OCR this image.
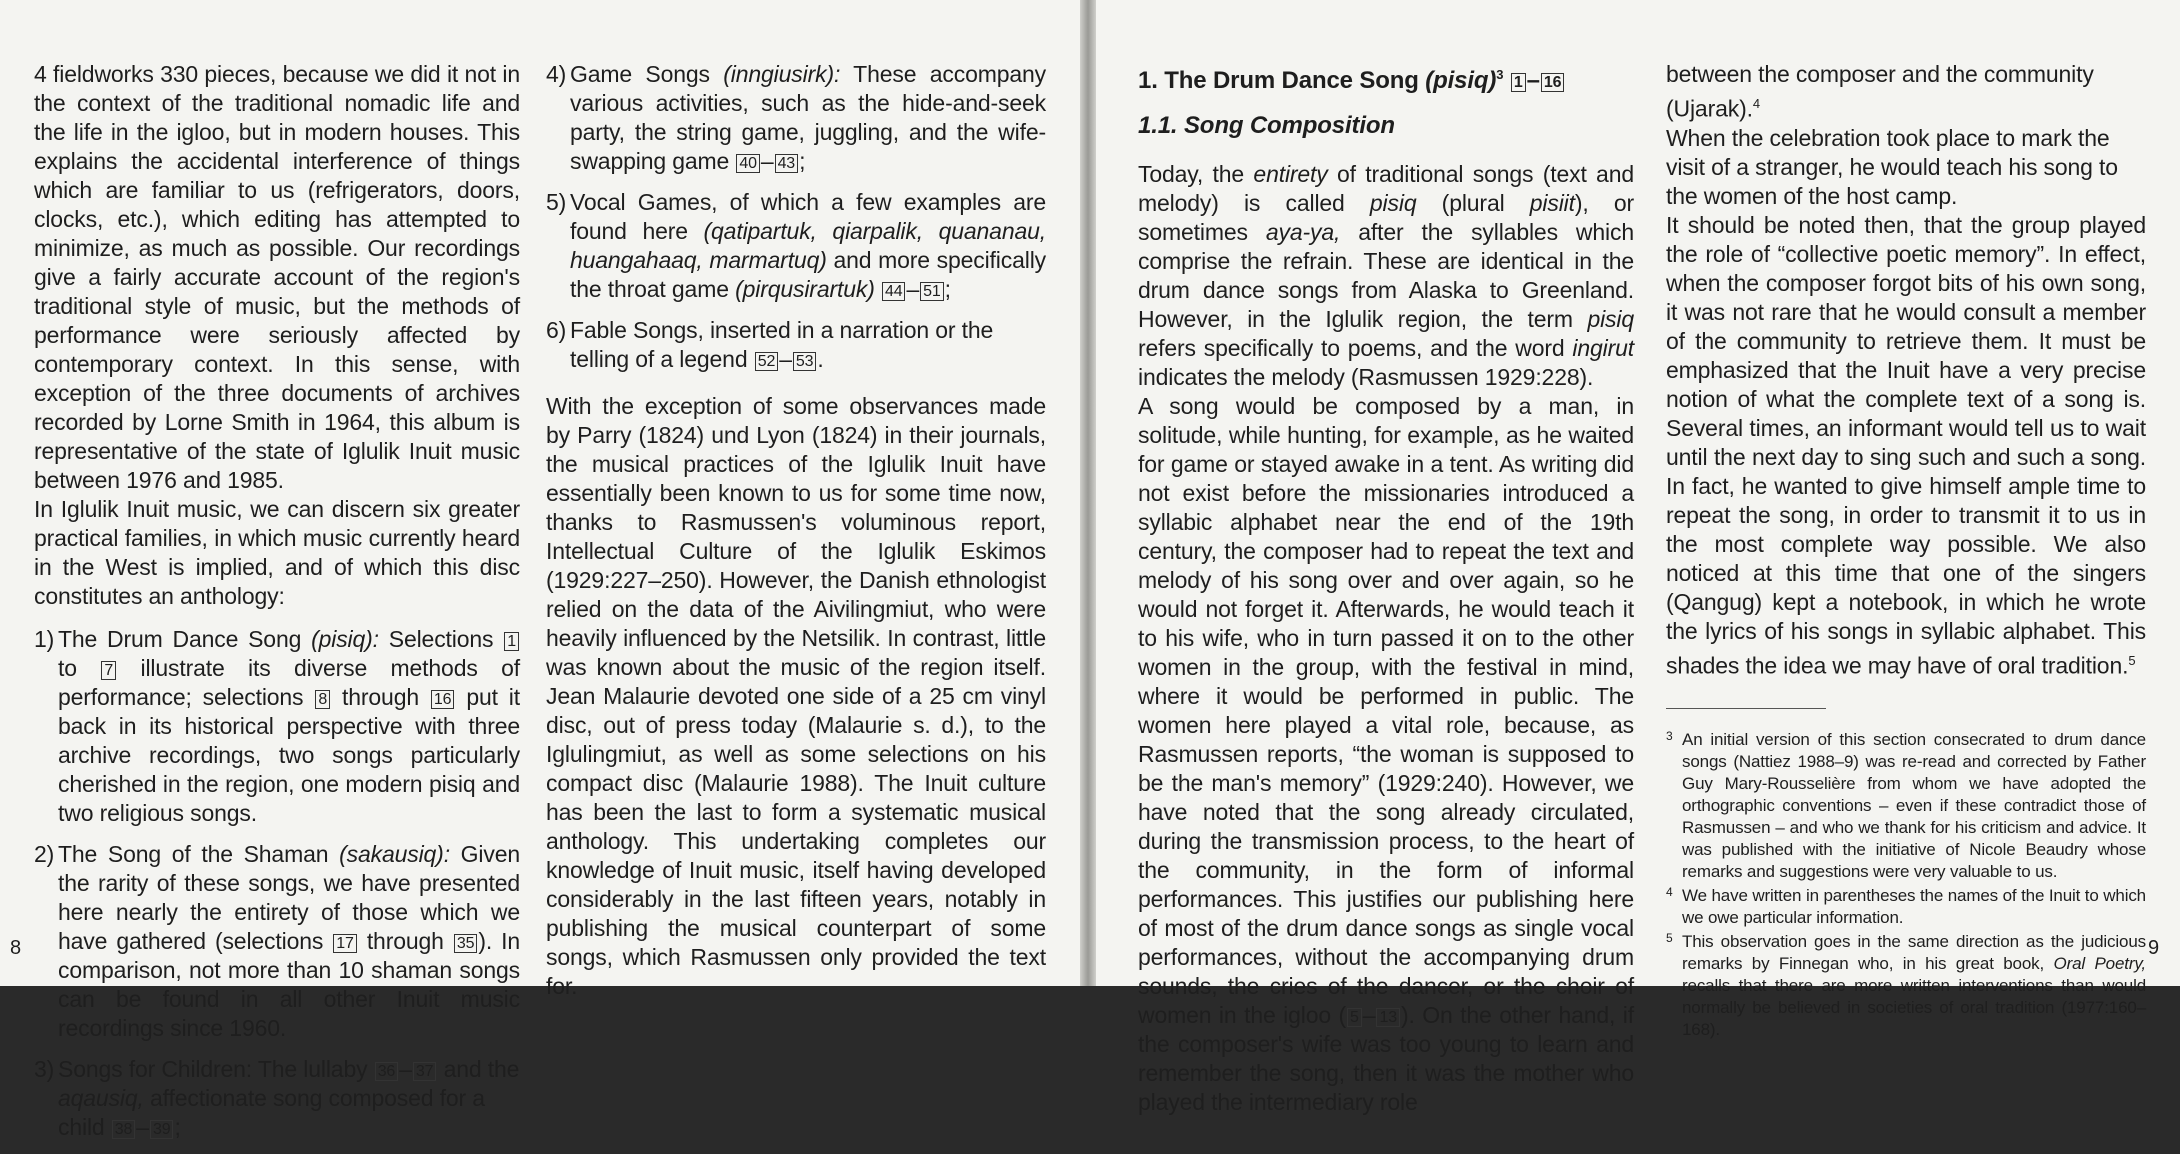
4 fieldworks 330 pieces, because we did it not in the context of the traditional nomadic life and the life in the igloo, but in modern houses. This explains the accidental interference of things which are familiar to us (refrigerators, doors, clocks, etc.), which editing has attempted to minimize, as much as possible. Our recordings give a fairly accurate account of the region's traditional style of music, but the methods of performance were seriously affected by contemporary context. In this sense, with exception of the three documents of archives recorded by Lorne Smith in 1964, this album is representative of the state of Iglulik Inuit music between 1976 and 1985.

In Iglulik Inuit music, we can discern six greater practical families, in which music currently heard in the West is implied, and of which this disc constitutes an anthology:

1) The Drum Dance Song (pisiq): Selections 1 to 7 illustrate its diverse methods of performance; selections 8 through 16 put it back in its historical perspective with three archive recordings, two songs particularly cherished in the region, one modern pisiq and two religious songs.
2) The Song of the Shaman (sakausiq): Given the rarity of these songs, we have presented here nearly the entirety of those which we have gathered (selections 17 through 35 ). In comparison, not more than 10 shaman songs can be found in all other Inuit music recordings since 1960.
3) Songs for Children: The lullaby 36 – 37 and the aqausiq, affectionate song composed for a child 38 – 39 ;
4) Game Songs (inngiusirk): These accompany various activities, such as the hide-and-seek party, the string game, juggling, and the wife-swapping game 40 – 43 ;
5) Vocal Games, of which a few examples are found here (qatipartuk, qiarpalik, quananau, huangahaaq, marmartuq) and more specifically the throat game (pirqusirartuk) 44 – 51 ;
6) Fable Songs, inserted in a narration or the telling of a legend 52 – 53 .

With the exception of some observances made by Parry (1824) und Lyon (1824) in their journals, the musical practices of the Iglulik Inuit have essentially been known to us for some time now, thanks to Rasmussen's voluminous report, Intellectual Culture of the Iglulik Eskimos (1929:227–250). However, the Danish ethnologist relied on the data of the Aivilingmiut, who were heavily influenced by the Netsilik. In contrast, little was known about the music of the region itself. Jean Malaurie devoted one side of a 25 cm vinyl disc, out of press today (Malaurie s. d.), to the Iglulingmiut, as well as some selections on his compact disc (Malaurie 1988). The Inuit culture has been the last to form a systematic musical anthology. This undertaking completes our knowledge of Inuit music, itself having developed considerably in the last fifteen years, notably in publishing the musical counterpart of some songs, which Rasmussen only provided the text for.

8
1. The Drum Dance Song (pisiq)$^3$ 1 – 16
1.1. Song Composition

Today, the entirety of traditional songs (text and melody) is called pisiq (plural pisiit), or sometimes aya-ya, after the syllables which comprise the refrain. These are identical in the drum dance songs from Alaska to Greenland. However, in the Iglulik region, the term pisiq refers specifically to poems, and the word ingirut indicates the melody (Rasmussen 1929:228).

A song would be composed by a man, in solitude, while hunting, for example, as he waited for game or stayed awake in a tent. As writing did not exist before the missionaries introduced a syllabic alphabet near the end of the 19th century, the composer had to repeat the text and melody of his song over and over again, so he would not forget it. Afterwards, he would teach it to his wife, who in turn passed it on to the other women in the group, with the festival in mind, where it would be performed in public. The women here played a vital role, because, as Rasmussen reports, “the woman is supposed to be the man's memory” (1929:240). However, we have noted that the song already circulated, during the transmission process, to the heart of the community, in the form of informal performances. This justifies our publishing here of most of the drum dance songs as single vocal performances, without the accompanying drum sounds, the cries of the dancer, or the choir of women in the igloo ( 5 – 13 ). On the other hand, if the composer's wife was too young to learn and remember the song, then it was the mother who played the intermediary role

between the composer and the community (Ujarak).$^4$
When the celebration took place to mark the visit of a stranger, he would teach his song to the women of the host camp.

It should be noted then, that the group played the role of “collective poetic memory”. In effect, when the composer forgot bits of his own song, it was not rare that he would consult a member of the community to retrieve them. It must be emphasized that the Inuit have a very precise notion of what the complete text of a song is. Several times, an informant would tell us to wait until the next day to sing such and such a song. In fact, he wanted to give himself ample time to repeat the song, in order to transmit it to us in the most complete way possible. We also noticed at this time that one of the singers (Qangug) kept a notebook, in which he wrote the lyrics of his songs in syllabic alphabet. This shades the idea we may have of oral tradition.$^5$

3 An initial version of this section consecrated to drum dance songs (Nattiez 1988–9) was re-read and corrected by Father Guy Mary-Rousselière from whom we have adopted the orthographic conventions – even if these contradict those of Rasmussen – and who we thank for his criticism and advice. It was published with the initiative of Nicole Beaudry whose remarks and suggestions were very valuable to us.
4 We have written in parentheses the names of the Inuit to which we owe particular information.
5 This observation goes in the same direction as the judicious remarks by Finnegan who, in his great book, Oral Poetry, recalls that there are more written interventions than would normally be believed in societies of oral tradition (1977:160–168).
9
